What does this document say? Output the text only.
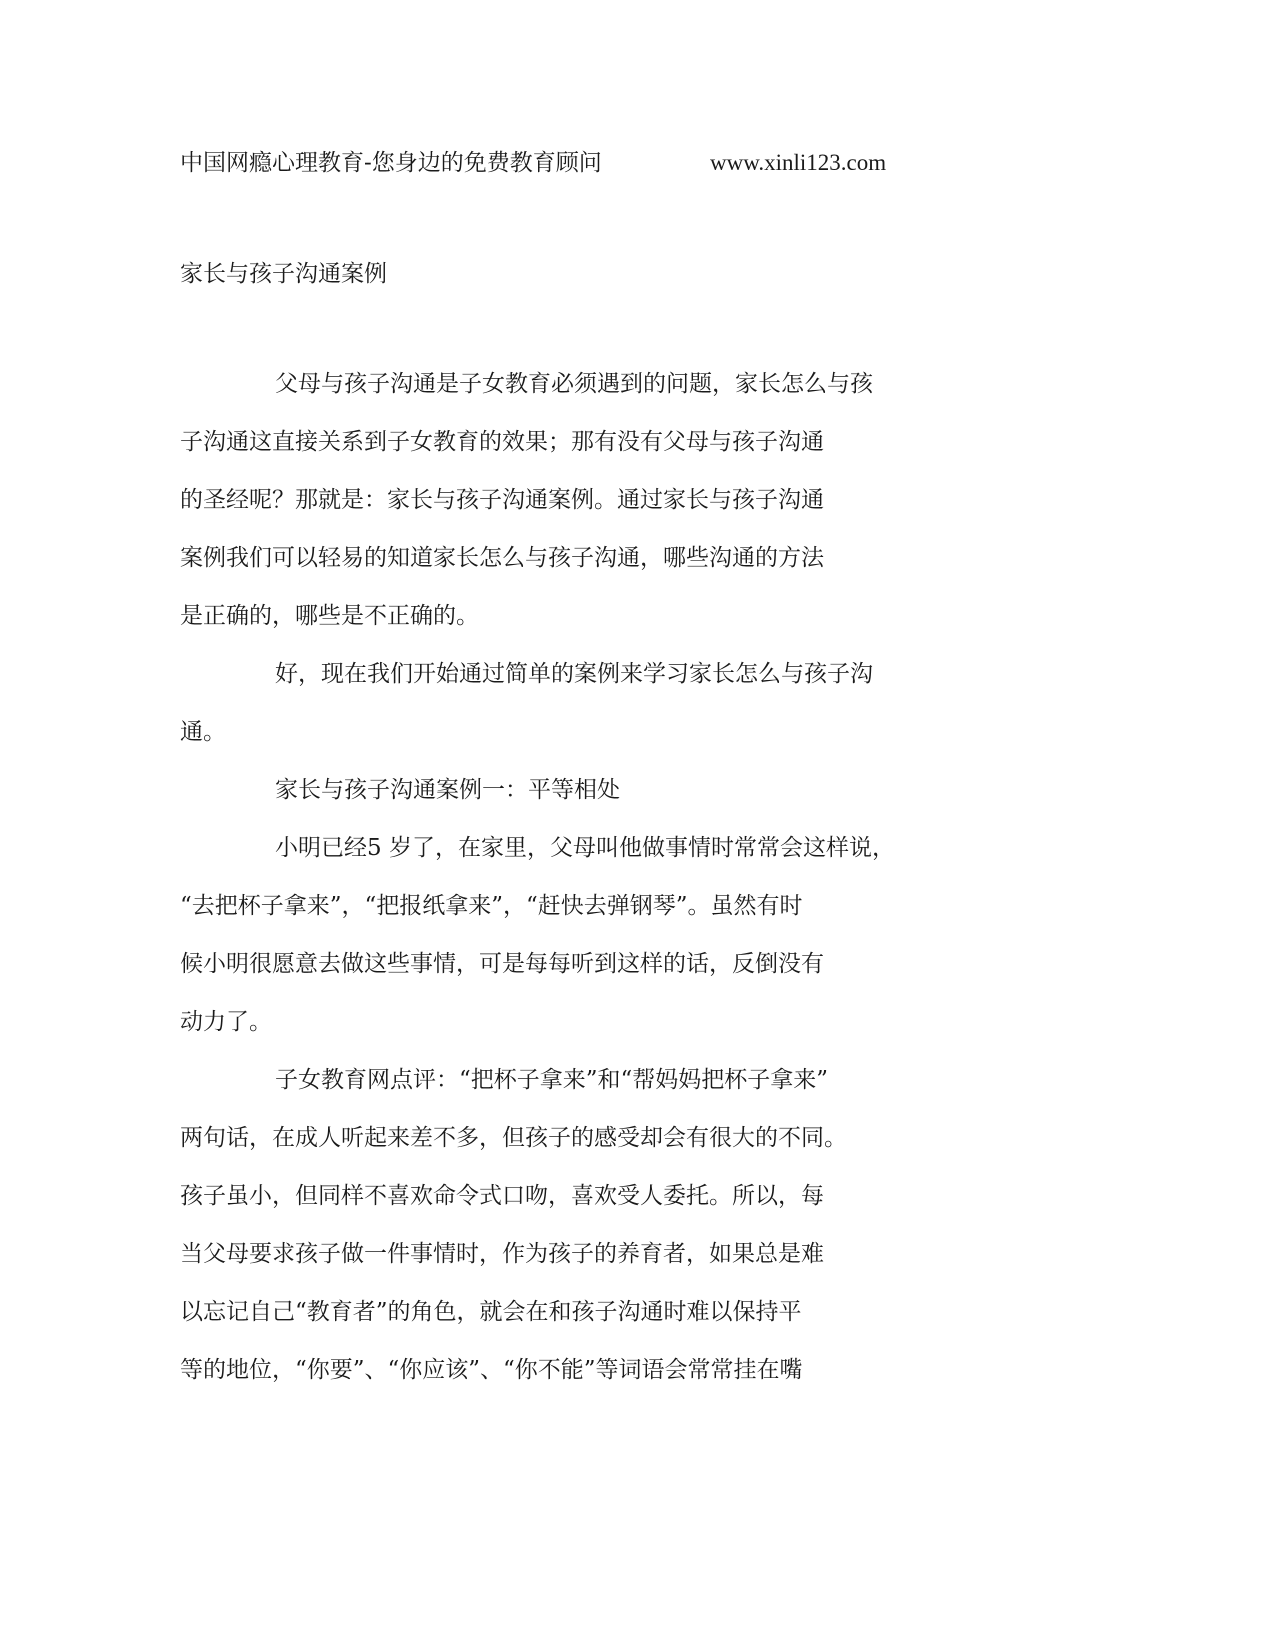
中国网瘾心理教育-您身边的免费教育顾问	www.xinli123.com
家长与孩子沟通案例
父母与孩子沟通是子女教育必须遇到的问题，家长怎么与孩
子沟通这直接关系到子女教育的效果；那有没有父母与孩子沟通
的圣经呢？那就是：家长与孩子沟通案例。通过家长与孩子沟通
案例我们可以轻易的知道家长怎么与孩子沟通，哪些沟通的方法
是正确的，哪些是不正确的。
好，现在我们开始通过简单的案例来学习家长怎么与孩子沟
通。
家长与孩子沟通案例一：平等相处
小明已经5 岁了，在家里，父母叫他做事情时常常会这样说，
“去把杯子拿来”，“把报纸拿来”，“赶快去弹钢琴”。虽然有时
候小明很愿意去做这些事情，可是每每听到这样的话，反倒没有
动力了。
子女教育网点评：“把杯子拿来”和“帮妈妈把杯子拿来”
两句话，在成人听起来差不多，但孩子的感受却会有很大的不同。
孩子虽小，但同样不喜欢命令式口吻，喜欢受人委托。所以，每
当父母要求孩子做一件事情时，作为孩子的养育者，如果总是难
以忘记自己“教育者”的角色，就会在和孩子沟通时难以保持平
等的地位，“你要”、“你应该”、“你不能”等词语会常常挂在嘴
